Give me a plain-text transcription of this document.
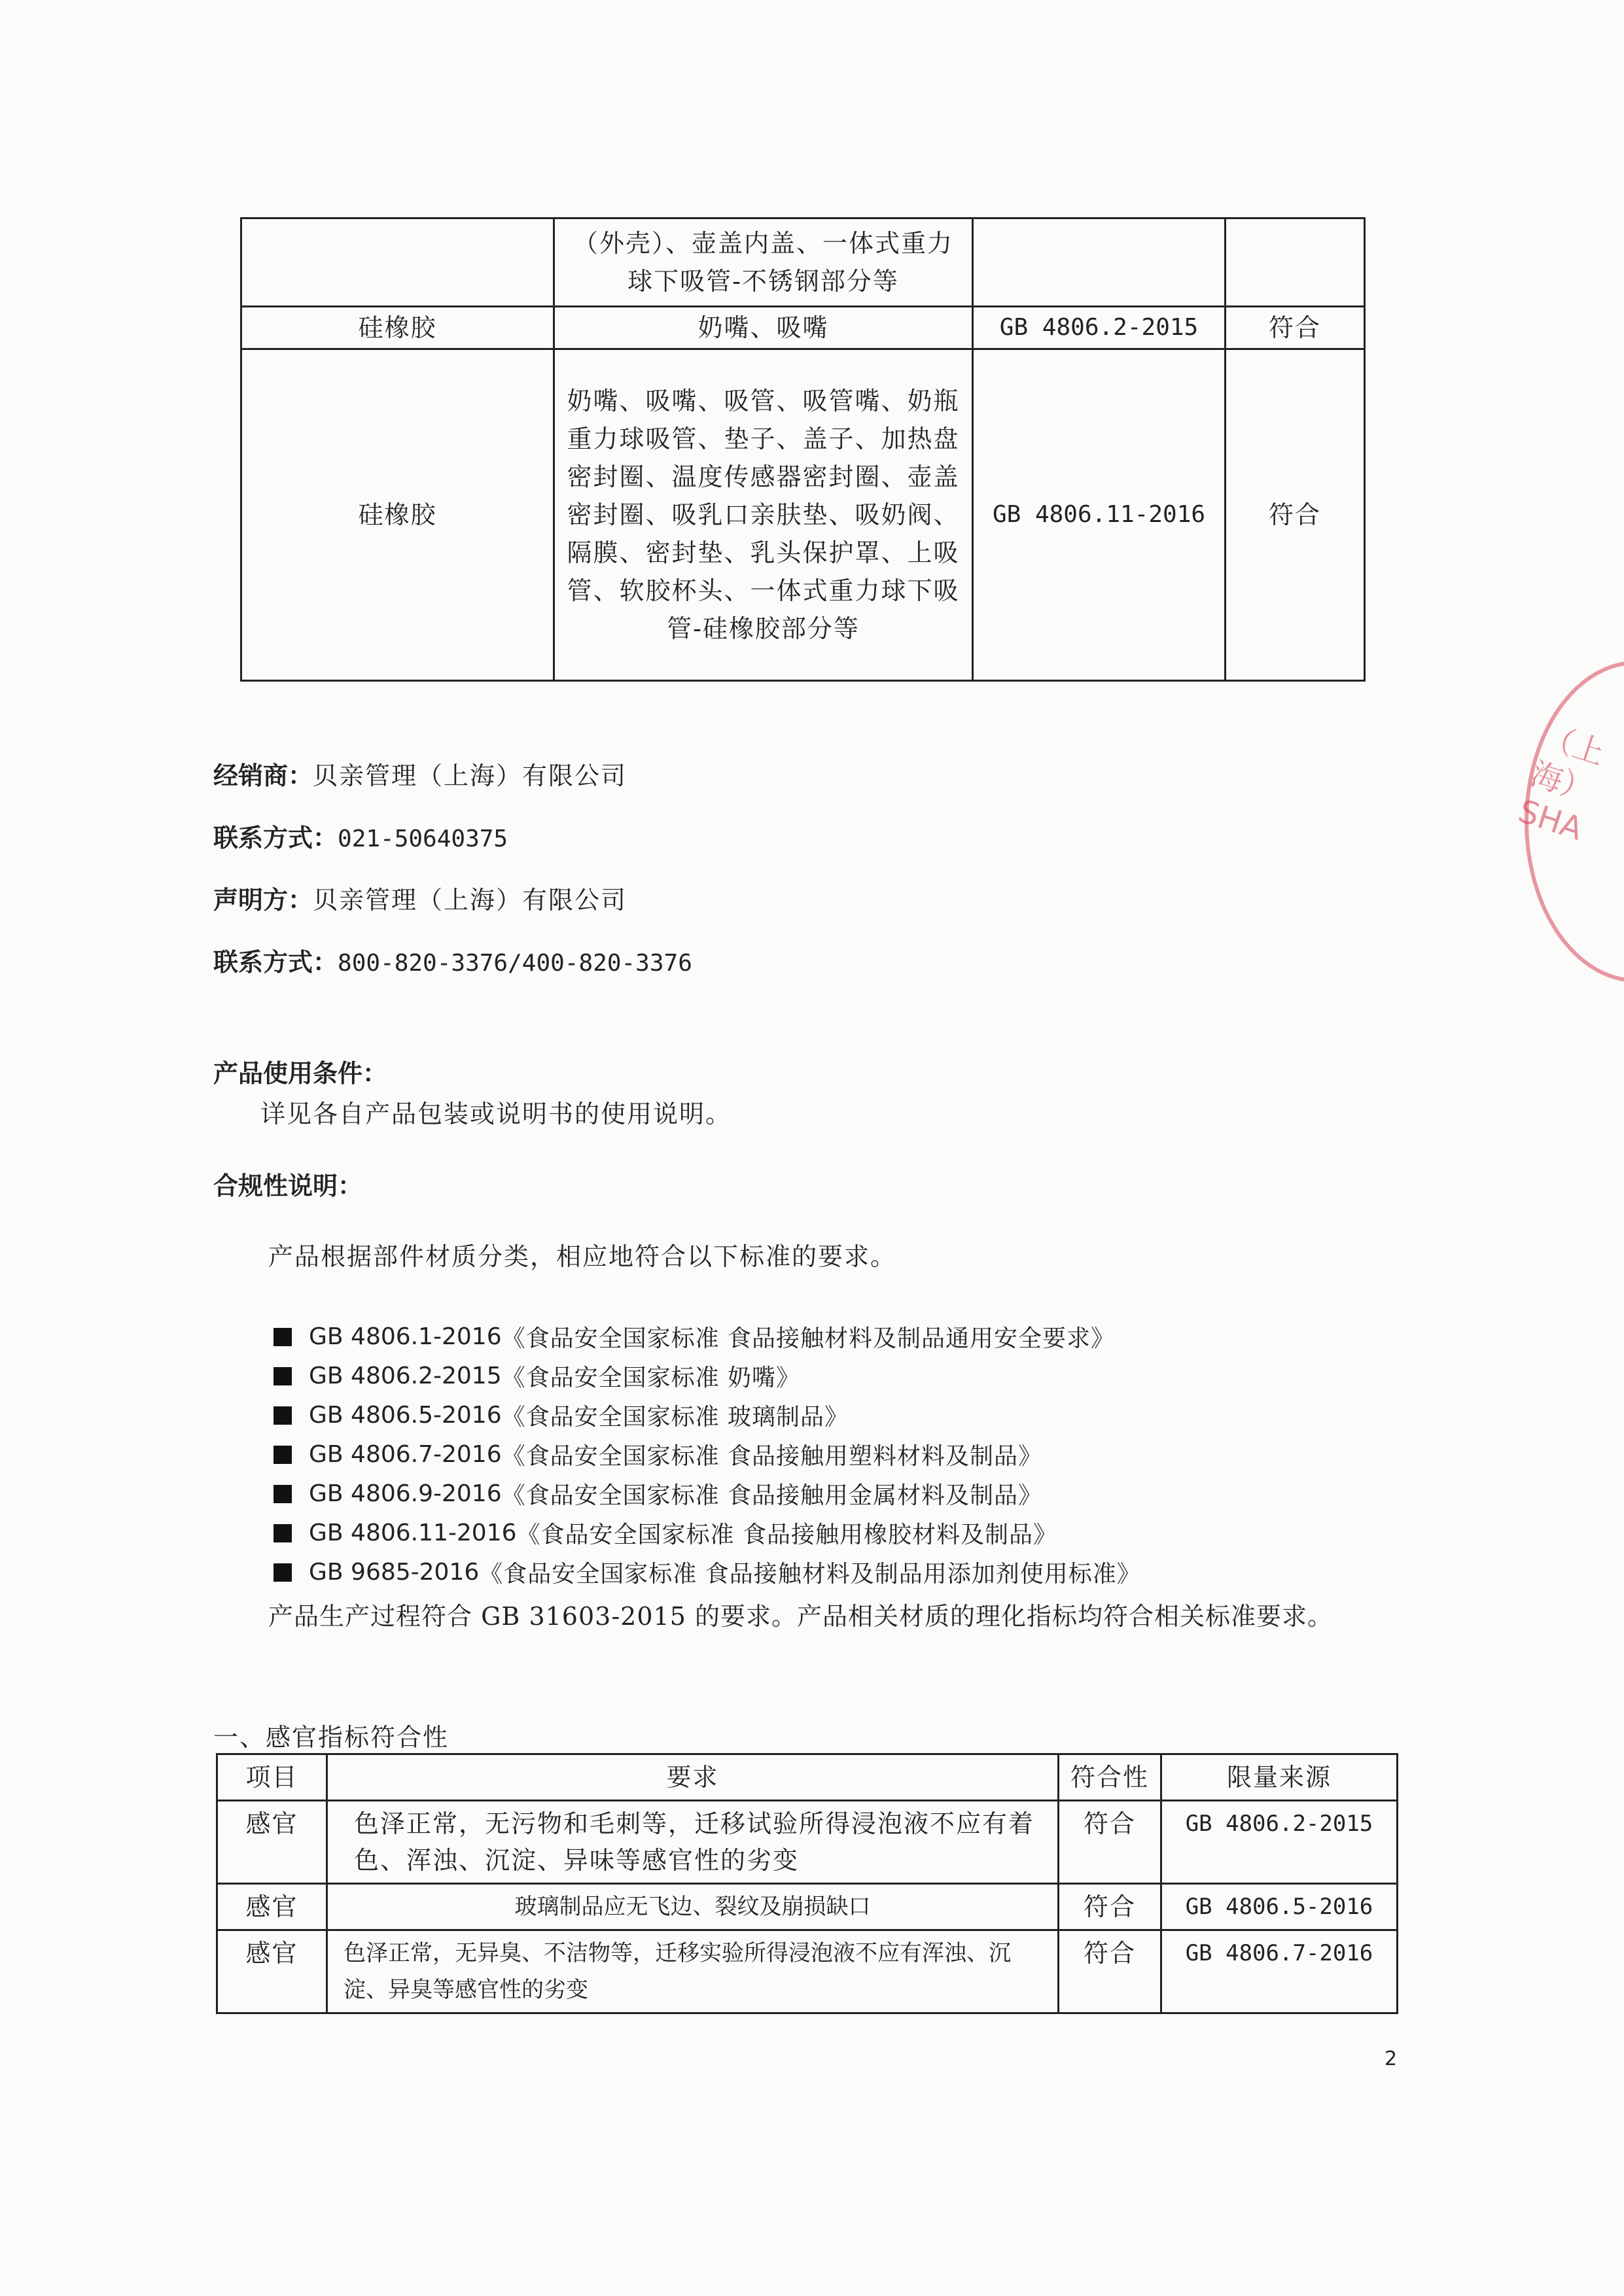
	（外壳）、壶盖内盖、一体式重力球下吸管-不锈钢部分等		
硅橡胶	奶嘴、吸嘴	GB 4806.2-2015	符合
硅橡胶	奶嘴、吸嘴、吸管、吸管嘴、奶瓶重力球吸管、垫子、盖子、加热盘密封圈、温度传感器密封圈、壶盖密封圈、吸乳口亲肤垫、吸奶阀、隔膜、密封垫、乳头保护罩、上吸管、软胶杯头、一体式重力球下吸管-硅橡胶部分等	GB 4806.11-2016	符合
经销商：贝亲管理（上海）有限公司
联系方式：021-50640375
声明方：贝亲管理（上海）有限公司
联系方式：800-820-3376/400-820-3376
产品使用条件：
详见各自产品包装或说明书的使用说明。
合规性说明：
产品根据部件材质分类，相应地符合以下标准的要求。
GB 4806.1-2016 《食品安全国家标准 食品接触材料及制品通用安全要求》
GB 4806.2-2015 《食品安全国家标准 奶嘴》
GB 4806.5-2016 《食品安全国家标准 玻璃制品》
GB 4806.7-2016 《食品安全国家标准 食品接触用塑料材料及制品》
GB 4806.9-2016 《食品安全国家标准 食品接触用金属材料及制品》
GB 4806.11-2016 《食品安全国家标准 食品接触用橡胶材料及制品》
GB 9685-2016 《食品安全国家标准 食品接触材料及制品用添加剂使用标准》
产品生产过程符合 GB 31603-2015 的要求。产品相关材质的理化指标均符合相关标准要求。
一、感官指标符合性
项目	要求	符合性	限量来源
感官	色泽正常，无污物和毛刺等，迁移试验所得浸泡液不应有着色、浑浊、沉淀、异味等感官性的劣变	符合	GB 4806.2-2015
感官	玻璃制品应无飞边、裂纹及崩损缺口	符合	GB 4806.5-2016
感官	色泽正常，无异臭、不洁物等，迁移实验所得浸泡液不应有浑浊、沉淀、异臭等感官性的劣变	符合	GB 4806.7-2016
2
（上
海）
SHA
